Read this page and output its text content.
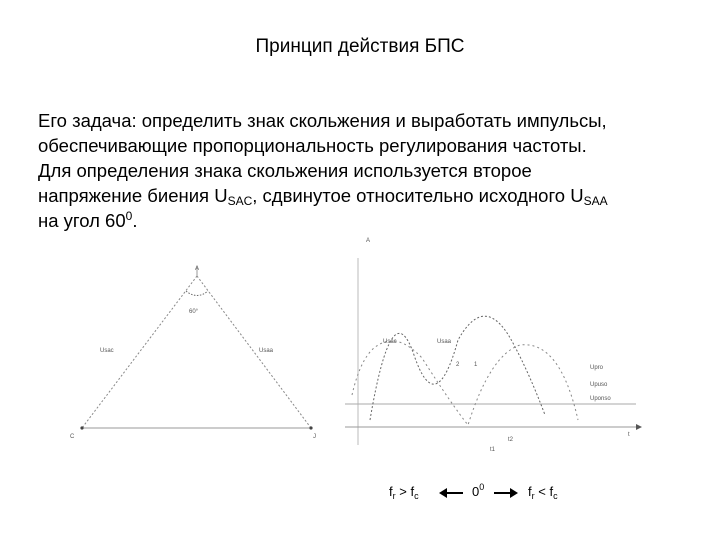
Принцип действия БПС
Его задача: определить знак скольжения и выработать импульсы,
обеспечивающие пропорциональность регулирования частоты.
Для определения знака скольжения используется второе
напряжение биения $U_{SAC}$, сдвинутое относительно исходного $U_{SAA}$
на угол $60^0$.
A
60°
Usac	Usaa
C	J
A
Usac	Usaa
2 1	Upro
Upuso
Uponso
t
t1
t2
$f_r > f_c$	$0^0$	$f_r < f_c$
